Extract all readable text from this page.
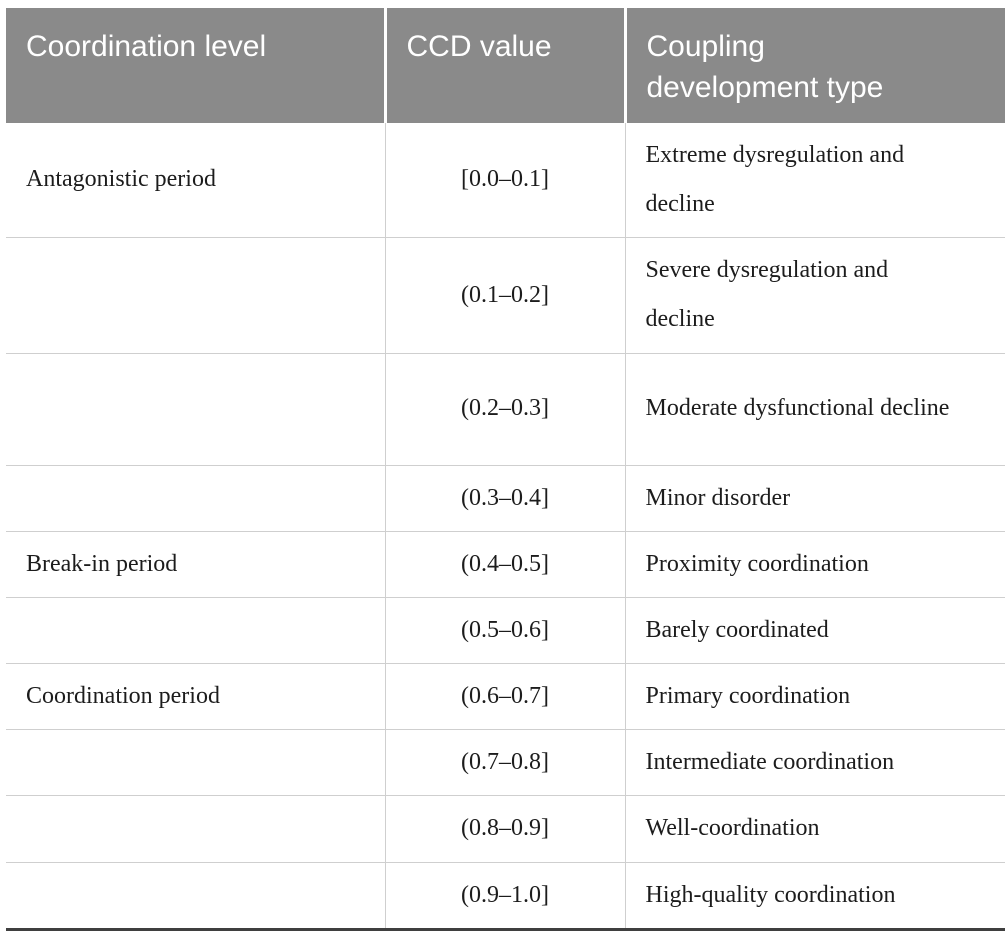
Coordination level	CCD value	Coupling development type

Antagonistic period	[0.0–0.1]	Extreme dysregulation and decline
	(0.1–0.2]	Severe dysregulation and decline
	(0.2–0.3]	Moderate dysfunctional decline
	(0.3–0.4]	Minor disorder
Break-in period	(0.4–0.5]	Proximity coordination
	(0.5–0.6]	Barely coordinated
Coordination period	(0.6–0.7]	Primary coordination
	(0.7–0.8]	Intermediate coordination
	(0.8–0.9]	Well-coordination
	(0.9–1.0]	High-quality coordination
